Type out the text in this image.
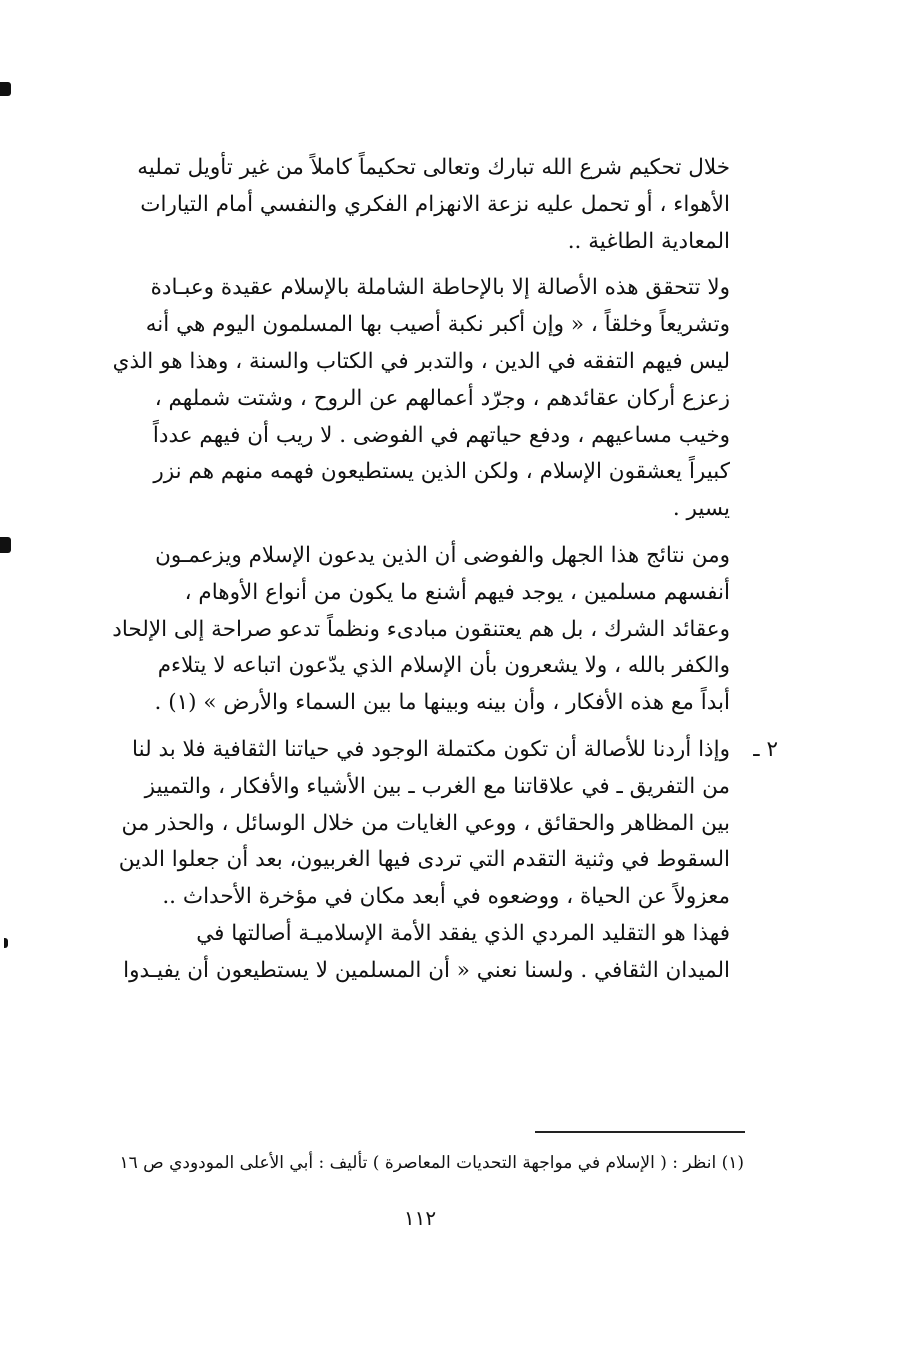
خلال تحكيم شرع الله تبارك وتعالى تحكيماً كاملاً من غير تأويل تمليه
الأهواء ، أو تحمل عليه نزعة الانهزام الفكري والنفسي أمام التيارات
المعادية الطاغية ..
ولا تتحقق هذه الأصالة إلا بالإحاطة الشاملة بالإسلام عقيدة وعبـادة
وتشريعاً وخلقاً ، « وإن أكبر نكبة أصيب بها المسلمون اليوم هي أنه
ليس فيهم التفقه في الدين ، والتدبر في الكتاب والسنة ، وهذا هو الذي
زعزع أركان عقائدهم ، وجرّد أعمالهم عن الروح ، وشتت شملهم ،
وخيب مساعيهم ، ودفع حياتهم في الفوضى . لا ريب أن فيهم عدداً
كبيراً يعشقون الإسلام ، ولكن الذين يستطيعون فهمه منهم هم نزر
يسير .
ومن نتائج هذا الجهل والفوضى أن الذين يدعون الإسلام ويزعمـون
أنفسهم مسلمين ، يوجد فيهم أشنع ما يكون من أنواع الأوهام ،
وعقائد الشرك ، بل هم يعتنقون مبادىء ونظماً تدعو صراحة إلى الإلحاد
والكفر بالله ، ولا يشعرون بأن الإسلام الذي يدّعون اتباعه لا يتلاءم
أبداً مع هذه الأفكار ، وأن بينه وبينها ما بين السماء والأرض » (١) .
٢ ـ
وإذا أردنا للأصالة أن تكون مكتملة الوجود في حياتنا الثقافية فلا بد لنا
من التفريق ـ في علاقاتنا مع الغرب ـ بين الأشياء والأفكار ، والتمييز
بين المظاهر والحقائق ، ووعي الغايات من خلال الوسائل ، والحذر من
السقوط في وثنية التقدم التي تردى فيها الغربيون، بعد أن جعلوا الدين
معزولاً عن الحياة ، ووضعوه في أبعد مكان في مؤخرة الأحداث ..
فهذا هو التقليد المردي الذي يفقد الأمة الإسلاميـة أصالتها في
الميدان الثقافي . ولسنا نعني « أن المسلمين لا يستطيعون أن يفيـدوا
(١) انظر : ( الإسلام في مواجهة التحديات المعاصرة ) تأليف : أبي الأعلى المودودي ص ١٦
١١٢
